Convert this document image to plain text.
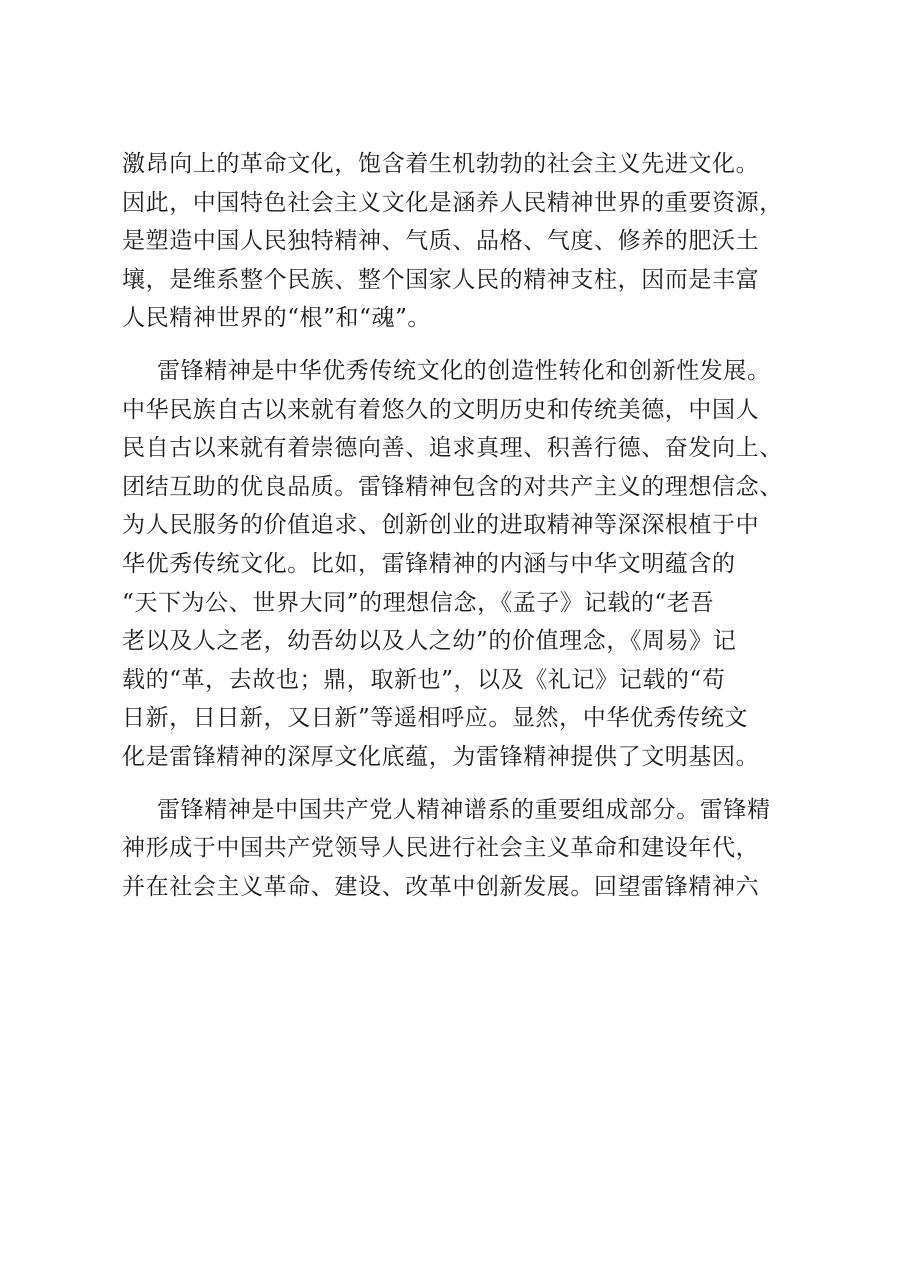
激昂向上的革命文化，饱含着生机勃勃的社会主义先进文化。
因此，中国特色社会主义文化是涵养人民精神世界的重要资源，
是塑造中国人民独特精神、气质、品格、气度、修养的肥沃土
壤，是维系整个民族、整个国家人民的精神支柱，因而是丰富
人民精神世界的“根”和“魂”。
雷锋精神是中华优秀传统文化的创造性转化和创新性发展。
中华民族自古以来就有着悠久的文明历史和传统美德，中国人
民自古以来就有着崇德向善、追求真理、积善行德、奋发向上、
团结互助的优良品质。雷锋精神包含的对共产主义的理想信念、
为人民服务的价值追求、创新创业的进取精神等深深根植于中
华优秀传统文化。比如，雷锋精神的内涵与中华文明蕴含的
“天下为公、世界大同”的理想信念，《孟子》记载的“老吾
老以及人之老，幼吾幼以及人之幼”的价值理念，《周易》记
载的“革，去故也；鼎，取新也”，以及《礼记》记载的“苟
日新，日日新，又日新”等遥相呼应。显然，中华优秀传统文
化是雷锋精神的深厚文化底蕴，为雷锋精神提供了文明基因。
雷锋精神是中国共产党人精神谱系的重要组成部分。雷锋精
神形成于中国共产党领导人民进行社会主义革命和建设年代，
并在社会主义革命、建设、改革中创新发展。回望雷锋精神六
